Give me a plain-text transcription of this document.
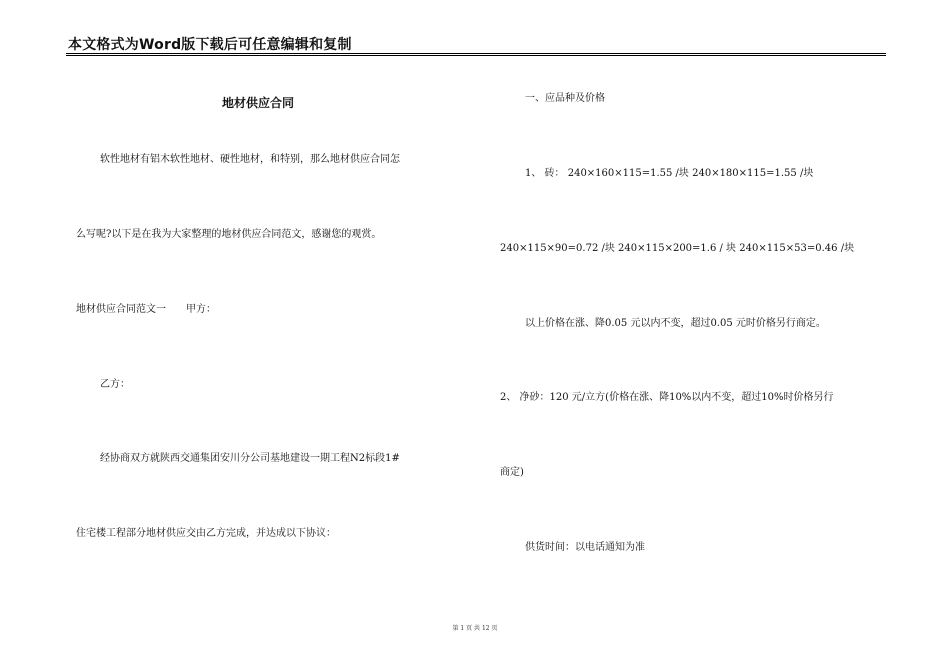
本文格式为Word版下载后可任意编辑和复制
地材供应合同
软性地材有铝木软性地材、硬性地材，和特别，那么地材供应合同怎
么写呢?以下是在我为大家整理的地材供应合同范文，感谢您的观赏。
地材供应合同范文一　　甲方：
乙方：
经协商双方就陕西交通集团安川分公司基地建设一期工程N2标段1#
住宅楼工程部分地材供应交由乙方完成，并达成以下协议：
一、应品种及价格
1、 砖： 240×160×115=1.55 /块 240×180×115=1.55 /块
240×115×90=0.72 /块 240×115×200=1.6 / 块 240×115×53=0.46 /块
以上价格在涨、降0.05 元以内不变，超过0.05 元时价格另行商定。
2、 净砂：120 元/立方(价格在涨、降10%以内不变，超过10%时价格另行
商定)
供货时间：以电话通知为准
第 1 页 共 12 页
